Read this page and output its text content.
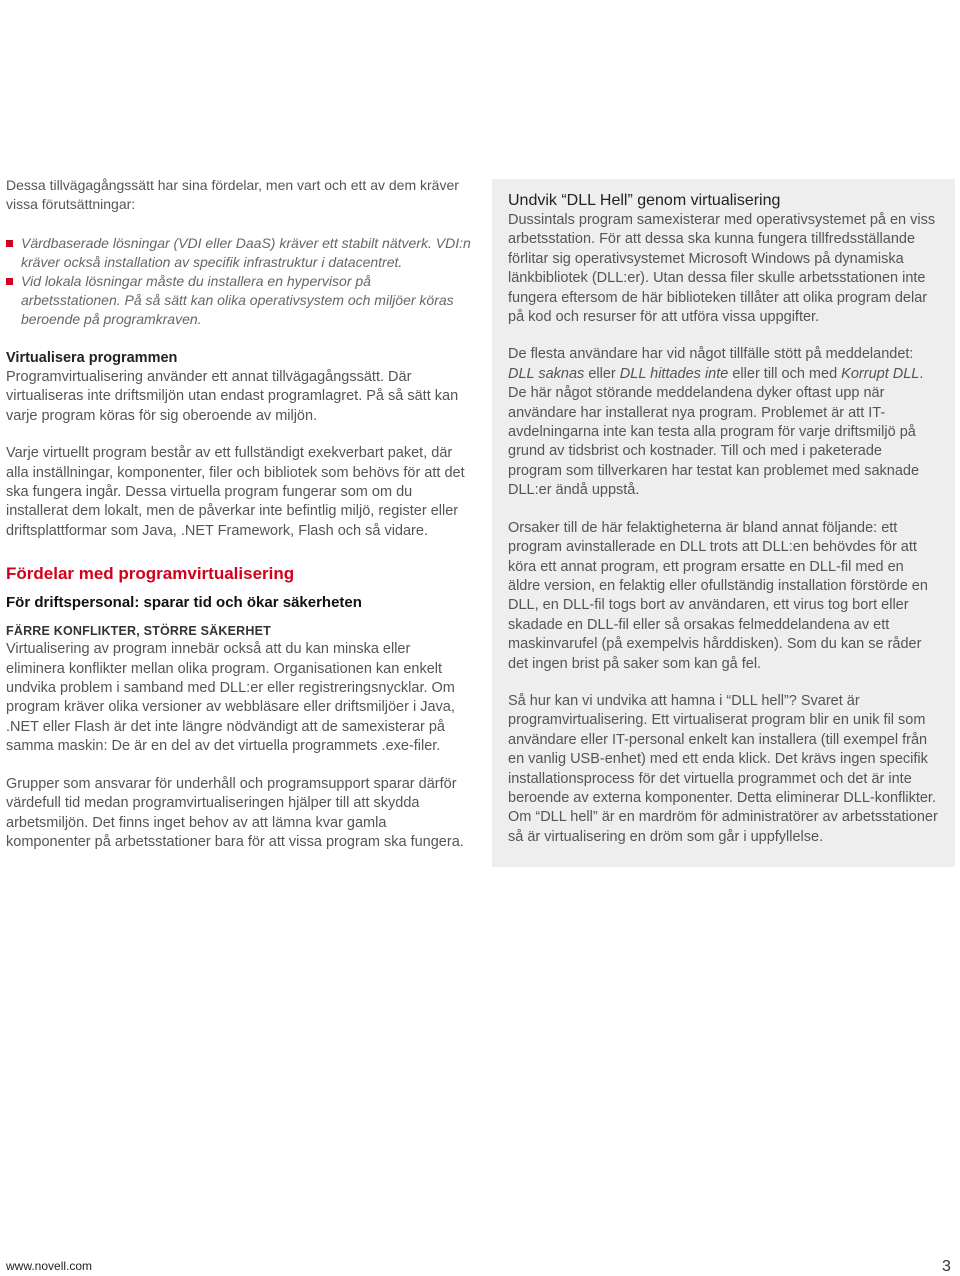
Dessa tillvägagångssätt har sina fördelar, men vart och ett av dem kräver vissa förutsättningar:

Värdbaserade lösningar (VDI eller DaaS) kräver ett stabilt nätverk. VDI:n kräver också installation av specifik infrastruktur i datacentret.
Vid lokala lösningar måste du installera en hypervisor på arbetsstationen. På så sätt kan olika operativsystem och miljöer köras beroende på programkraven.
Virtualisera programmen

Programvirtualisering använder ett annat tillvägagångssätt. Där virtualiseras inte driftsmiljön utan endast programlagret. På så sätt kan varje program köras för sig oberoende av miljön.

Varje virtuellt program består av ett fullständigt exekverbart paket, där alla inställningar, komponenter, filer och bibliotek som behövs för att det ska fungera ingår. Dessa virtuella program fungerar som om du installerat dem lokalt, men de påverkar inte befintlig miljö, register eller driftsplattformar som Java, .NET Framework, Flash och så vidare.

Fördelar med programvirtualisering
För driftspersonal: sparar tid och ökar säkerheten
FÄRRE KONFLIKTER, STÖRRE SÄKERHET

Virtualisering av program innebär också att du kan minska eller eliminera konflikter mellan olika program. Organisationen kan enkelt undvika problem i samband med DLL:er eller registreringsnycklar. Om program kräver olika versioner av webbläsare eller driftsmiljöer i Java, .NET eller Flash är det inte längre nödvändigt att de samexisterar på samma maskin: De är en del av det virtuella programmets .exe-filer.

Grupper som ansvarar för underhåll och programsupport sparar därför värdefull tid medan programvirtualiseringen hjälper till att skydda arbetsmiljön. Det finns inget behov av att lämna kvar gamla komponenter på arbetsstationer bara för att vissa program ska fungera.

Undvik “DLL Hell” genom virtualisering

Dussintals program samexisterar med operativsystemet på en viss arbetsstation. För att dessa ska kunna fungera tillfredsställande förlitar sig operativsystemet Microsoft Windows på dynamiska länkbibliotek (DLL:er). Utan dessa filer skulle arbetsstationen inte fungera eftersom de här biblioteken tillåter att olika program delar på kod och resurser för att utföra vissa uppgifter.

De flesta användare har vid något tillfälle stött på meddelandet: DLL saknas eller DLL hittades inte eller till och med Korrupt DLL. De här något störande meddelandena dyker oftast upp när användare har installerat nya program. Problemet är att IT-avdelningarna inte kan testa alla program för varje driftsmiljö på grund av tidsbrist och kostnader. Till och med i paketerade program som tillverkaren har testat kan problemet med saknade DLL:er ändå uppstå.

Orsaker till de här felaktigheterna är bland annat följande: ett program avinstallerade en DLL trots att DLL:en behövdes för att köra ett annat program, ett program ersatte en DLL-fil med en äldre version, en felaktig eller ofullständig installation förstörde en DLL, en DLL-fil togs bort av användaren, ett virus tog bort eller skadade en DLL-fil eller så orsakas felmeddelandena av ett maskinvarufel (på exempelvis hårddisken). Som du kan se råder det ingen brist på saker som kan gå fel.

Så hur kan vi undvika att hamna i “DLL hell”? Svaret är programvirtualisering. Ett virtualiserat program blir en unik fil som användare eller IT-personal enkelt kan installera (till exempel från en vanlig USB-enhet) med ett enda klick. Det krävs ingen specifik installationsprocess för det virtuella programmet och det är inte beroende av externa komponenter. Detta eliminerar DLL-konflikter. Om “DLL hell” är en mardröm för administratörer av arbetsstationer så är virtualisering en dröm som går i uppfyllelse.

www.novell.com	3
